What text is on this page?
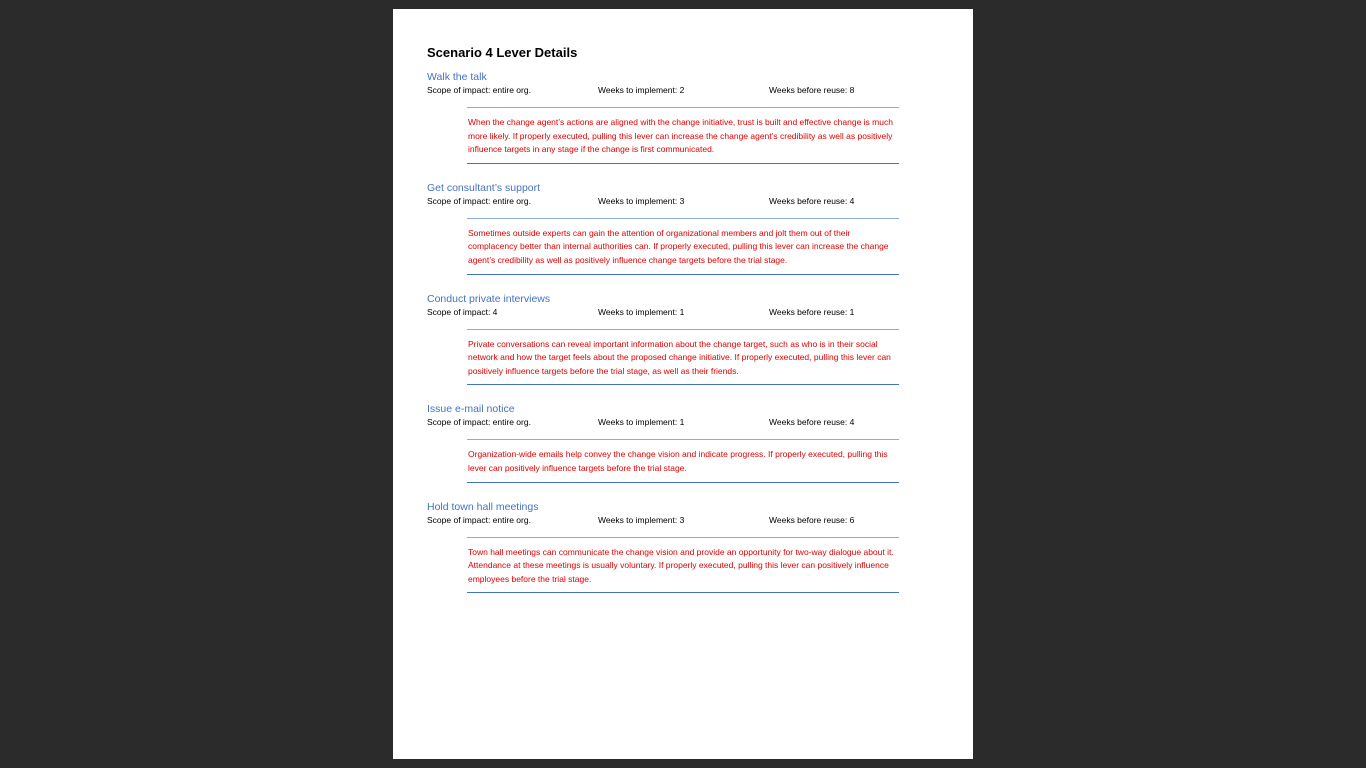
Scenario 4 Lever Details
Walk the talk
Scope of impact: entire org.	Weeks to implement: 2	Weeks before reuse: 8

When the change agent’s actions are aligned with the change initiative, trust is built and effective change is much more likely. If properly executed, pulling this lever can increase the change agent’s credibility as well as positively influence targets in any stage if the change is first communicated.

Get consultant’s support
Scope of impact: entire org.	Weeks to implement: 3	Weeks before reuse: 4

Sometimes outside experts can gain the attention of organizational members and jolt them out of their complacency better than internal authorities can. If properly executed, pulling this lever can increase the change agent’s credibility as well as positively influence change targets before the trial stage.

Conduct private interviews
Scope of impact: 4	Weeks to implement: 1	Weeks before reuse: 1

Private conversations can reveal important information about the change target, such as who is in their social network and how the target feels about the proposed change initiative. If properly executed, pulling this lever can positively influence targets before the trial stage, as well as their friends.

Issue e-mail notice
Scope of impact: entire org.	Weeks to implement: 1	Weeks before reuse: 4

Organization-wide emails help convey the change vision and indicate progress. If properly executed, pulling this lever can positively influence targets before the trial stage.

Hold town hall meetings
Scope of impact: entire org.	Weeks to implement: 3	Weeks before reuse: 6

Town hall meetings can communicate the change vision and provide an opportunity for two-way dialogue about it. Attendance at these meetings is usually voluntary. If properly executed, pulling this lever can positively influence employees before the trial stage.
